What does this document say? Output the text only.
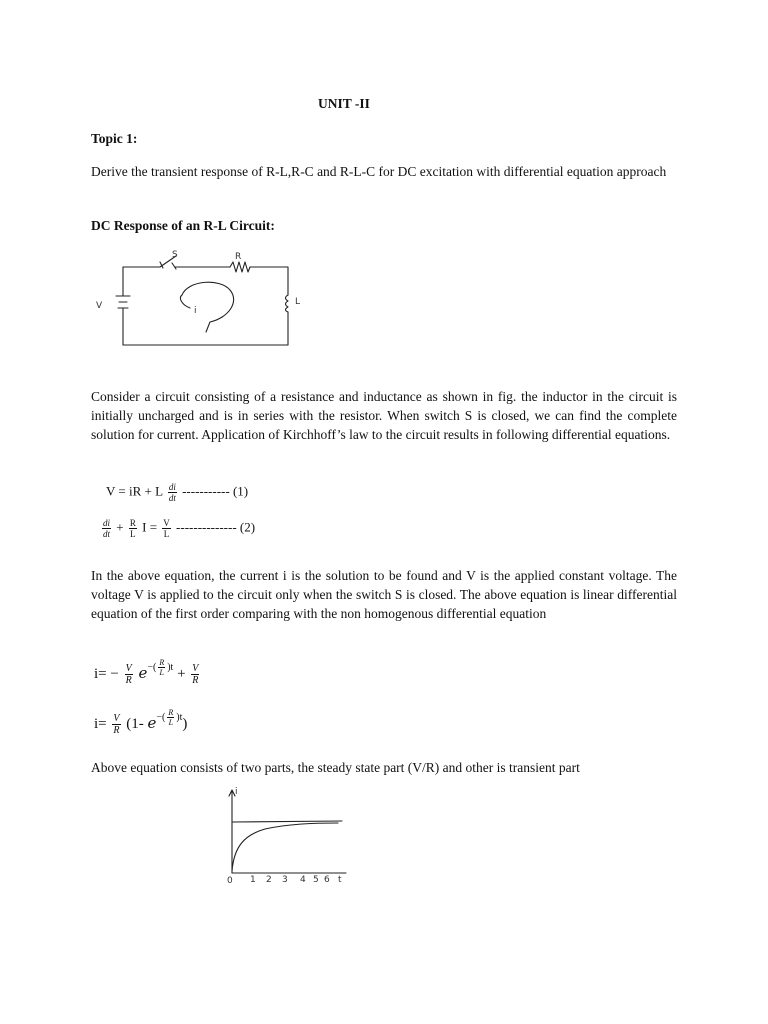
UNIT -II
Topic 1:
Derive the transient response of R-L,R-C and R-L-C for DC excitation with differential equation approach
DC Response of an R-L Circuit:
S	R
V	L
i
Consider a circuit consisting of a resistance and inductance as shown in fig. the inductor in the circuit is initially uncharged and is in series with the resistor. When switch S is closed, we can find the complete solution for current. Application of Kirchhoff’s law to the circuit results in following differential equations.
V = iR + L $\frac{di}{dt}$ ----------- (1)
$\frac{di}{dt} + \frac{R}{L}$ $I = \frac{V}{L}$ -------------- (2)
In the above equation, the current i is the solution to be found and V is the applied constant voltage. The voltage V is applied to the circuit only when the switch S is closed. The above equation is linear differential equation of the first order comparing with the non homogenous differential equation
$i= - \frac{V}{R} e^{-( \frac{R}{L} )t} + \frac{V}{R}$
$i= \frac{V}{R} (1-$ $e^{-( \frac{R}{L} )t}$)
Above equation consists of two parts, the steady state part (V/R) and other is transient part
i
0 1 2 3 4 5 6 t
